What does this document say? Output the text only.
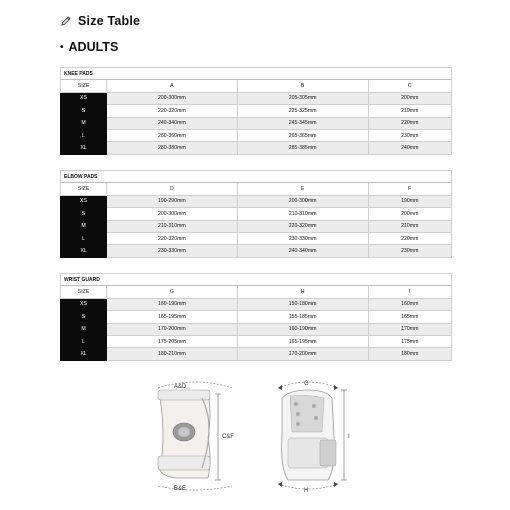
Size Table
• ADULTS
KNEE PADS			
SIZE	A	B	C
XS	200-300mm	205-305mm	200mm
S	220-320mm	225-325mm	210mm
M	240-340mm	245-345mm	220mm
L	260-360mm	265-365mm	230mm
XL	280-380mm	285-385mm	240mm
ELBOW PADS			
SIZE	D	E	F
XS	190-290mm	200-300mm	190mm
S	200-300mm	210-310mm	200mm
M	210-310mm	220-320mm	210mm
L	220-320mm	230-330mm	220mm
XL	230-330mm	240-340mm	230mm
WRIST GUARD			
SIZE	G	H	I
XS	160-190mm	150-180mm	160mm
S	165-195mm	155-185mm	165mm
M	170-200mm	160-190mm	170mm
L	175-205mm	165-195mm	175mm
XL	180-210mm	170-200mm	180mm
A&D
C&F
B&E
G
I
H
